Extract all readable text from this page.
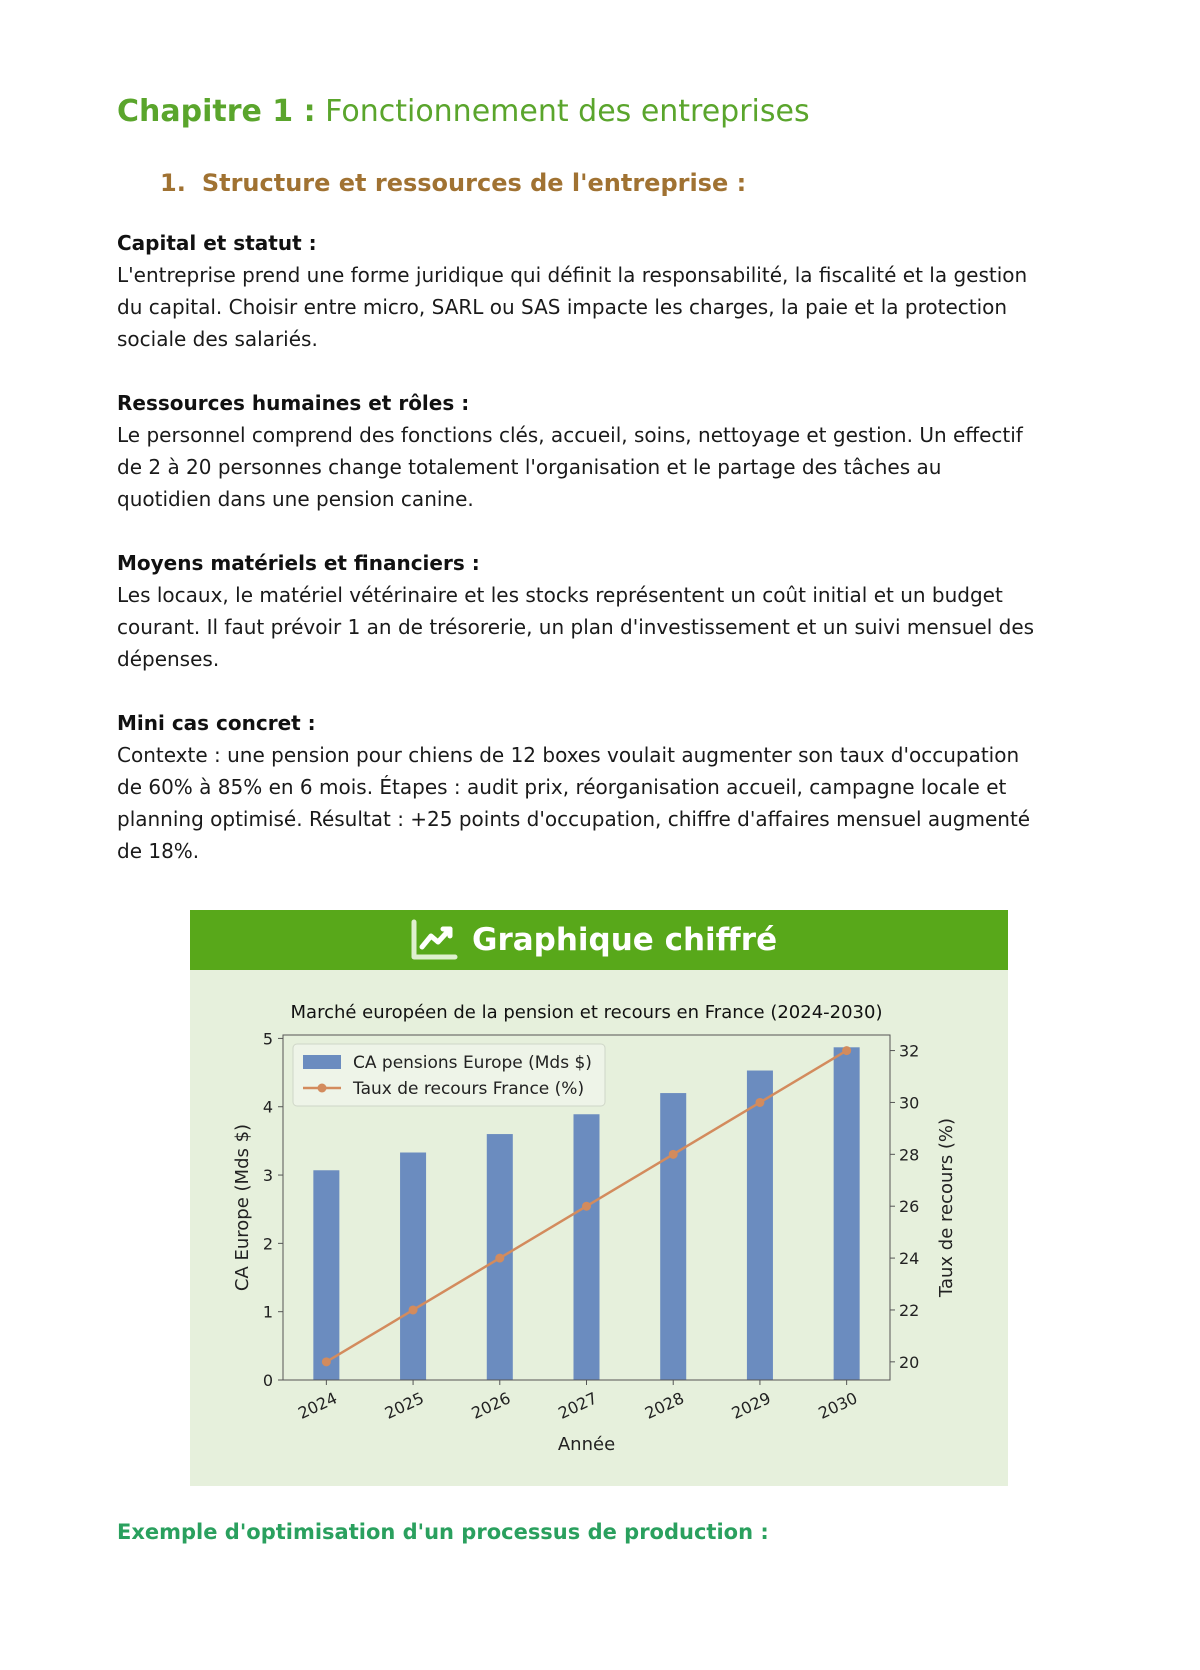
Chapitre 1 : Fonctionnement des entreprises
1. Structure et ressources de l'entreprise :
Capital et statut :

L'entreprise prend une forme juridique qui définit la responsabilité, la fiscalité et la gestion

du capital. Choisir entre micro, SARL ou SAS impacte les charges, la paie et la protection

sociale des salariés.

Ressources humaines et rôles :

Le personnel comprend des fonctions clés, accueil, soins, nettoyage et gestion. Un effectif

de 2 à 20 personnes change totalement l'organisation et le partage des tâches au

quotidien dans une pension canine.

Moyens matériels et financiers :

Les locaux, le matériel vétérinaire et les stocks représentent un coût initial et un budget

courant. Il faut prévoir 1 an de trésorerie, un plan d'investissement et un suivi mensuel des

dépenses.

Mini cas concret :

Contexte : une pension pour chiens de 12 boxes voulait augmenter son taux d'occupation

de 60% à 85% en 6 mois. Étapes : audit prix, réorganisation accueil, campagne locale et

planning optimisé. Résultat : +25 points d'occupation, chiffre d'affaires mensuel augmenté

de 18%.

Exemple d'optimisation d'un processus de production :
Marché européen de la pension et recours en France (2024-2030)
0
1
2
3
4
5
20
22
24
26
28
30
32
2024	2025	2026	2027	2028	2029	2030
Année
CA Europe (Mds $)	Taux de recours (%)
CA pensions Europe (Mds $)
Taux de recours France (%)
Graphique chiffré
